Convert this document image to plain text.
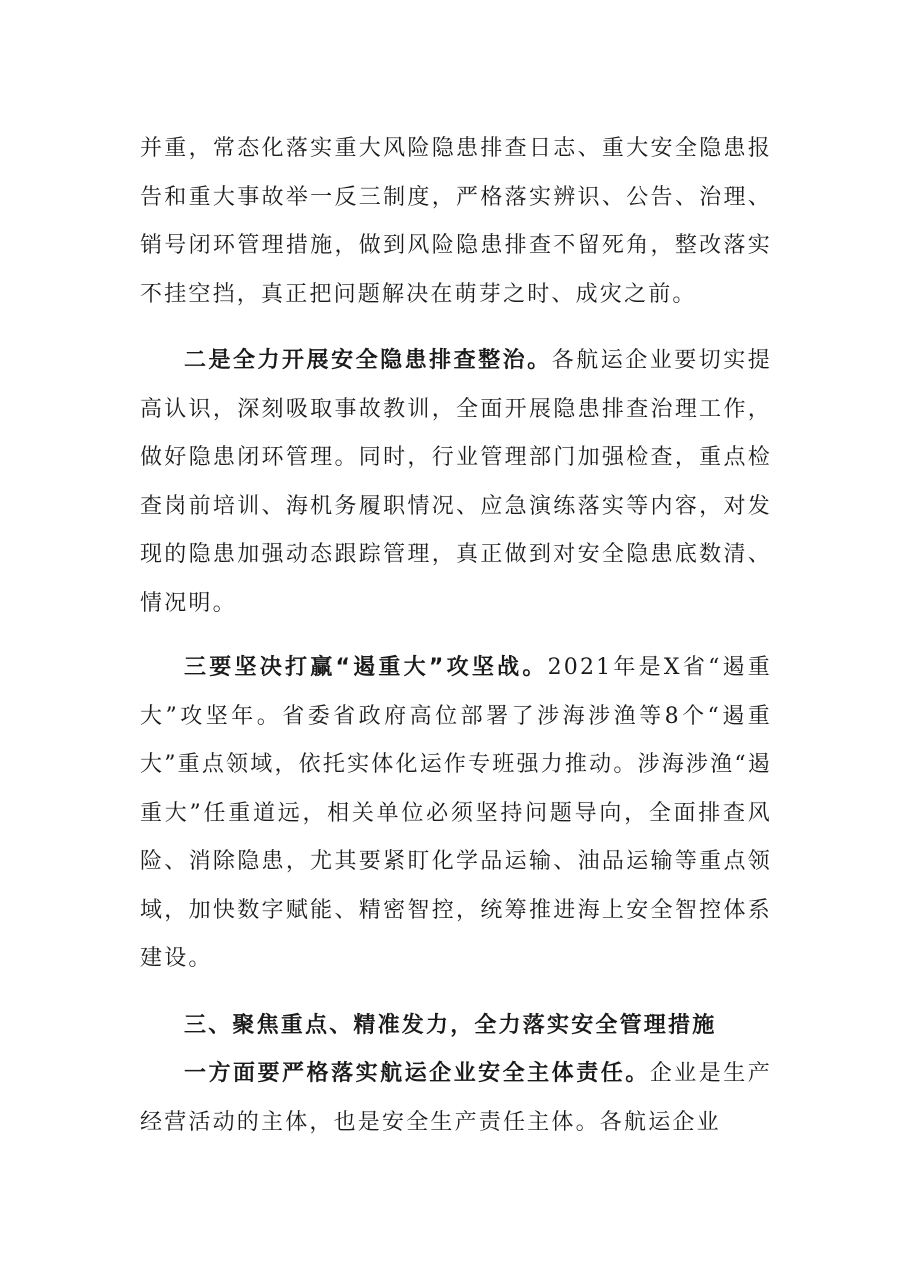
并重，常态化落实重大风险隐患排查日志、重大安全隐患报告和重大事故举一反三制度，严格落实辨识、公告、治理、销号闭环管理措施，做到风险隐患排查不留死角，整改落实不挂空挡，真正把问题解决在萌芽之时、成灾之前。

二是全力开展安全隐患排查整治。各航运企业要切实提高认识，深刻吸取事故教训，全面开展隐患排查治理工作，做好隐患闭环管理。同时，行业管理部门加强检查，重点检查岗前培训、海机务履职情况、应急演练落实等内容，对发现的隐患加强动态跟踪管理，真正做到对安全隐患底数清、情况明。

三要坚决打赢“遏重大”攻坚战。2021年是X省“遏重大”攻坚年。省委省政府高位部署了涉海涉渔等8个“遏重大”重点领域，依托实体化运作专班强力推动。涉海涉渔“遏重大”任重道远，相关单位必须坚持问题导向，全面排查风险、消除隐患，尤其要紧盯化学品运输、油品运输等重点领域，加快数字赋能、精密智控，统筹推进海上安全智控体系建设。

三、聚焦重点、精准发力，全力落实安全管理措施

一方面要严格落实航运企业安全主体责任。企业是生产经营活动的主体，也是安全生产责任主体。各航运企业
